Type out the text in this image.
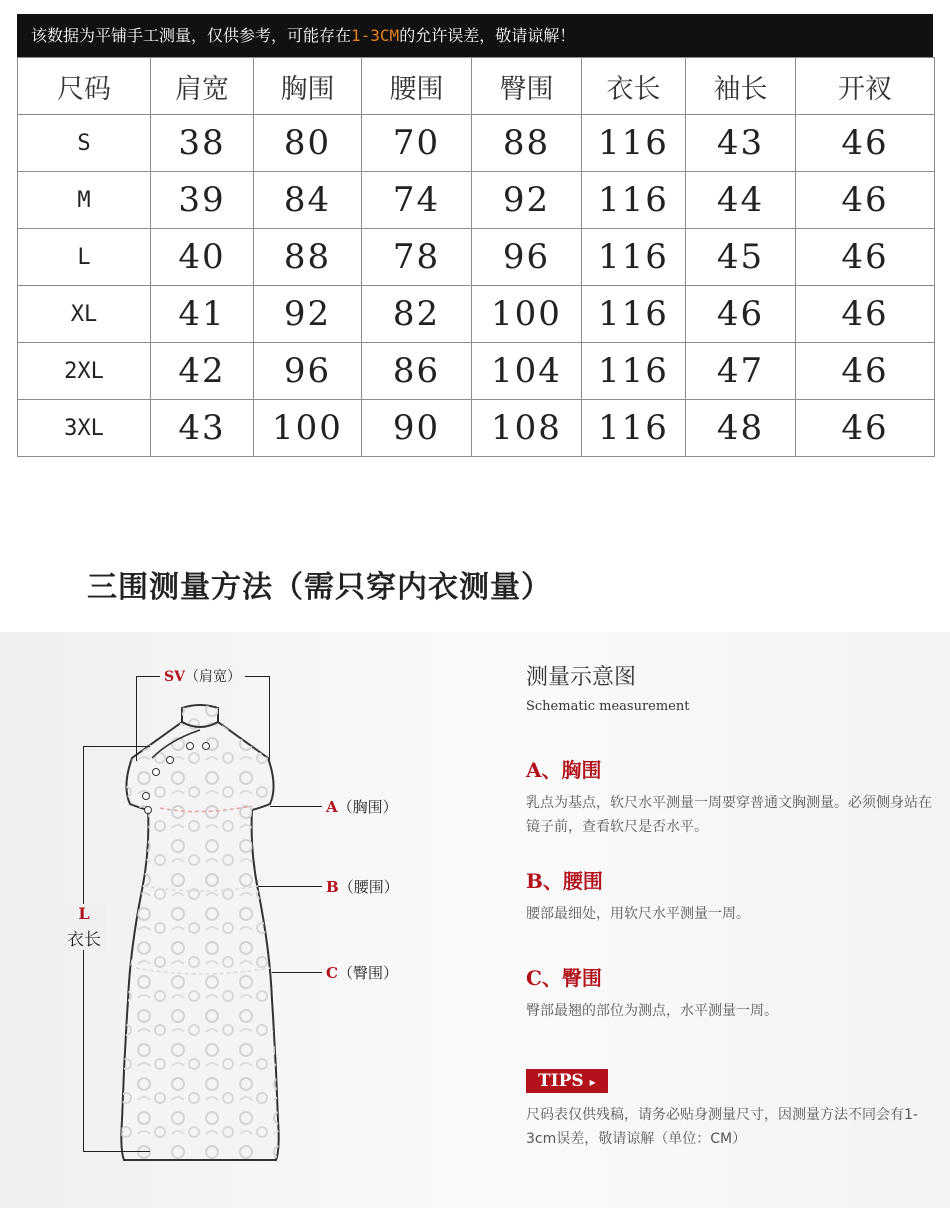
该数据为平铺手工测量，仅供参考，可能存在1-3CM的允许误差，敬请谅解！
尺码	肩宽	胸围	腰围	臀围	衣长	袖长	开衩
S	38	80	70	88	116	43	46
M	39	84	74	92	116	44	46
L	40	88	78	96	116	45	46
XL	41	92	82	100	116	46	46
2XL	42	96	86	104	116	47	46
3XL	43	100	90	108	116	48	46
三围测量方法（需只穿内衣测量）
SV（肩宽）
A（胸围）
B（腰围）
C（臀围）
L
衣长

测量示意图

Schematic measurement

A、胸围

乳点为基点，软尺水平测量一周要穿普通文胸测量。必须侧身站在镜子前，查看软尺是否水平。

B、腰围

腰部最细处，用软尺水平测量一周。

C、臀围

臀部最翘的部位为测点，水平测量一周。

TIPS ▸

尺码表仅供残稿，请务必贴身测量尺寸，因测量方法不同会有1-3cm误差，敬请谅解（单位：CM）
